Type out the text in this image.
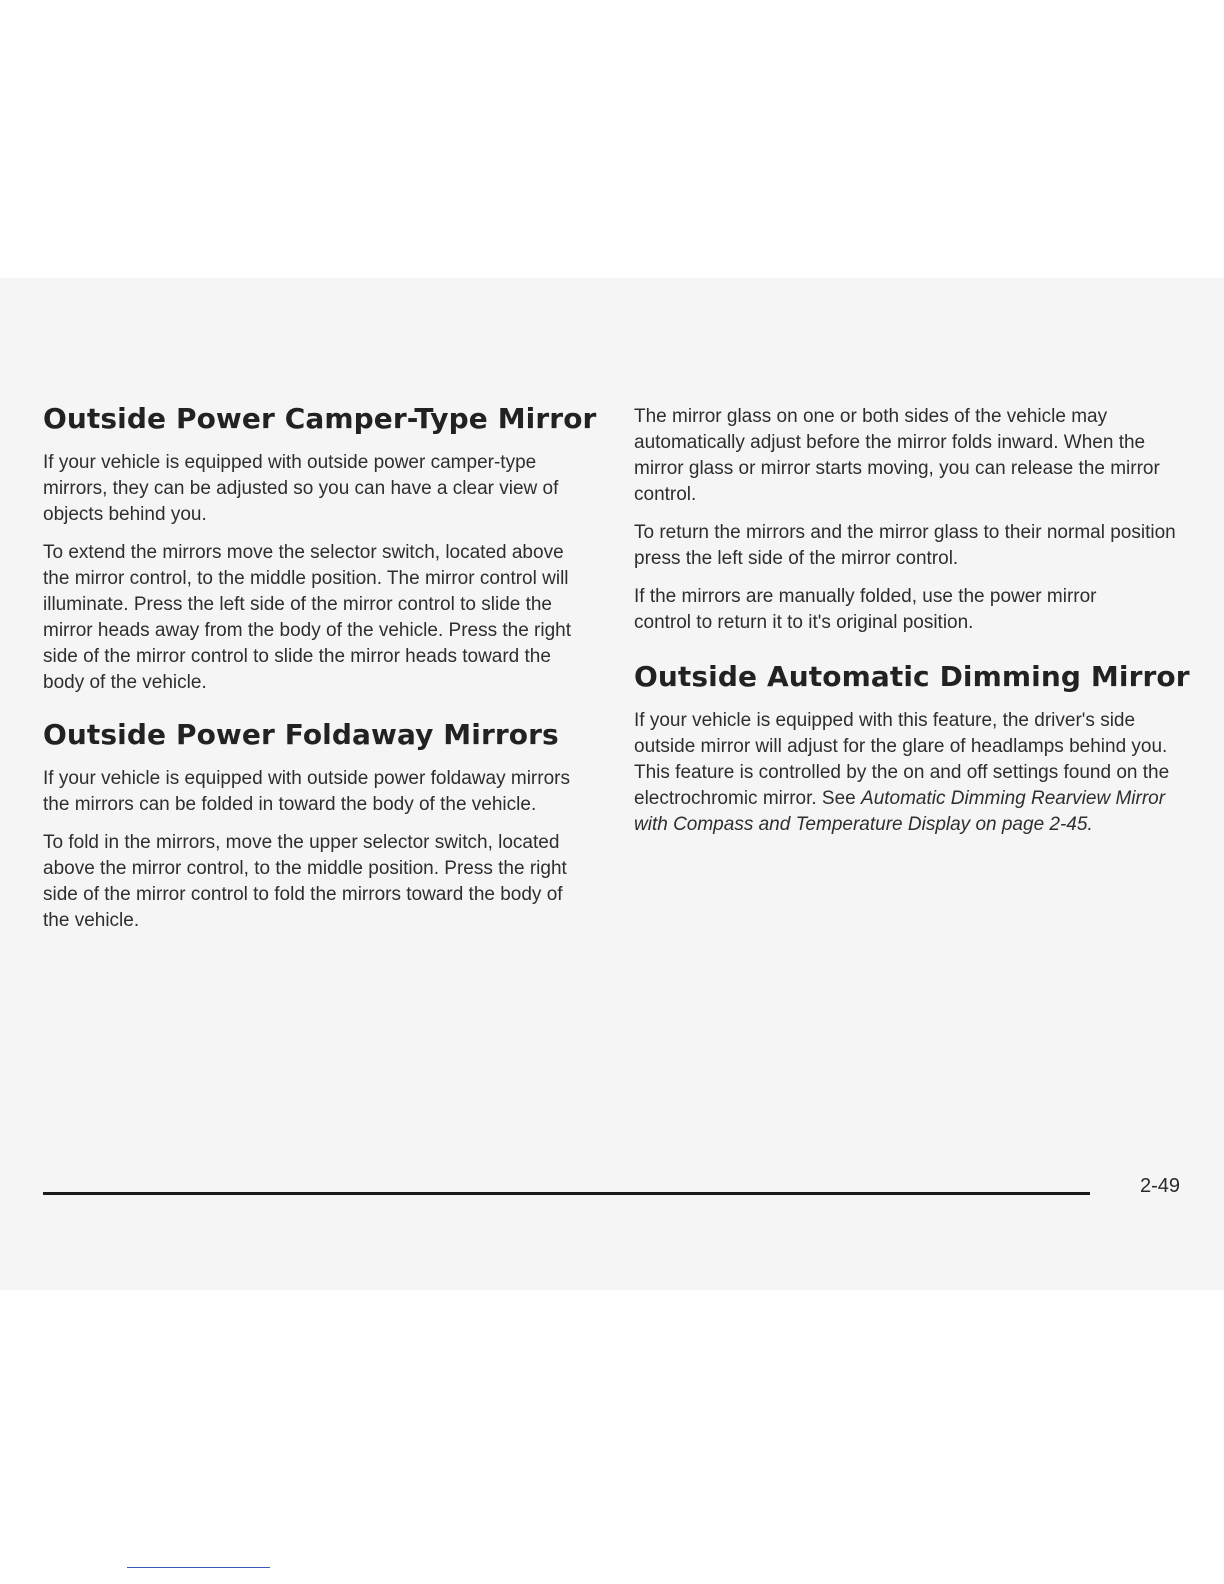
Outside Power Camper-Type Mirror

If your vehicle is equipped with outside power camper-type mirrors, they can be adjusted so you can have a clear view of objects behind you.

To extend the mirrors move the selector switch, located above the mirror control, to the middle position. The mirror control will illuminate. Press the left side of the mirror control to slide the mirror heads away from the body of the vehicle. Press the right side of the mirror control to slide the mirror heads toward the body of the vehicle.

Outside Power Foldaway Mirrors

If your vehicle is equipped with outside power foldaway mirrors the mirrors can be folded in toward the body of the vehicle.

To fold in the mirrors, move the upper selector switch, located above the mirror control, to the middle position. Press the right side of the mirror control to fold the mirrors toward the body of the vehicle.

The mirror glass on one or both sides of the vehicle may automatically adjust before the mirror folds inward. When the mirror glass or mirror starts moving, you can release the mirror control.

To return the mirrors and the mirror glass to their normal position press the left side of the mirror control.

If the mirrors are manually folded, use the power mirror control to return it to it's original position.

Outside Automatic Dimming Mirror

If your vehicle is equipped with this feature, the driver's side outside mirror will adjust for the glare of headlamps behind you. This feature is controlled by the on and off settings found on the electrochromic mirror. See Automatic Dimming Rearview Mirror with Compass and Temperature Display on page 2-45.

2-49
